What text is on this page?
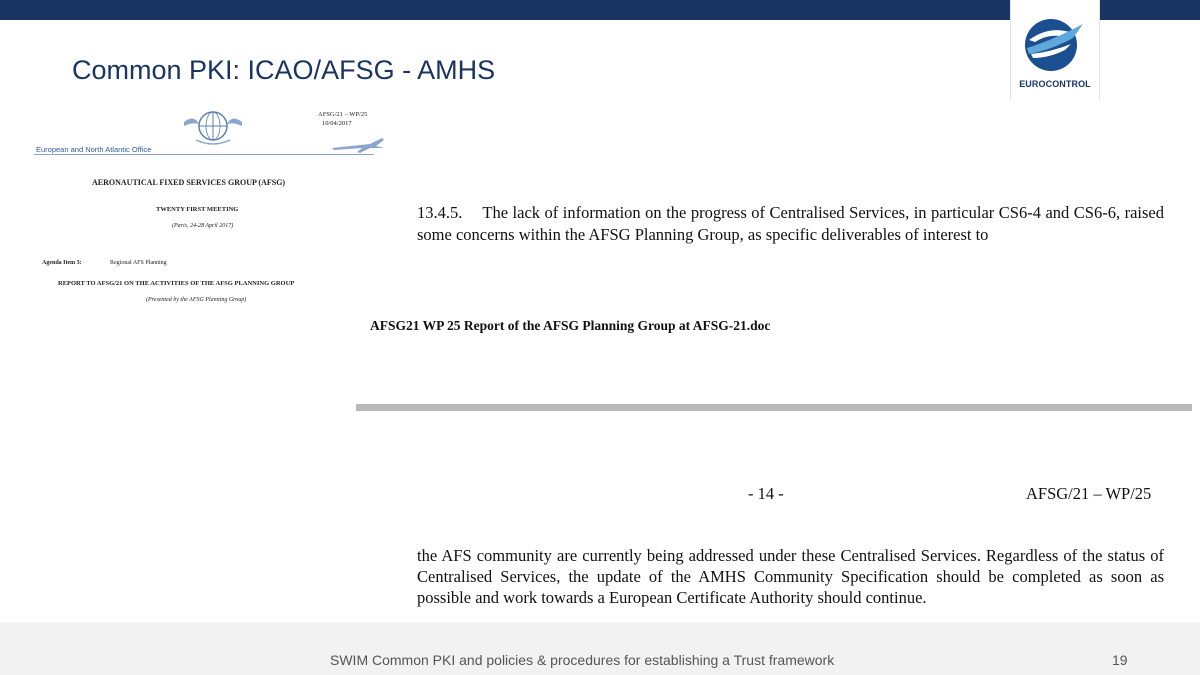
EUROCONTROL
Common PKI: ICAO/AFSG - AMHS
AFSG/21 – WP/25
10/04/2017
European and North Atlantic Office
AERONAUTICAL FIXED SERVICES GROUP (AFSG)
TWENTY FIRST MEETING
(Paris, 24-28 April 2017)
Agenda Item 3:	Regional AFS Planning
REPORT TO AFSG/21 ON THE ACTIVITIES OF THE AFSG PLANNING GROUP
(Presented by the AFSG Planning Group)
13.4.5. The lack of information on the progress of Centralised Services, in particular CS6-4 and CS6-6, raised some concerns within the AFSG Planning Group, as specific deliverables of interest to
AFSG21 WP 25 Report of the AFSG Planning Group at AFSG-21.doc
- 14 -	AFSG/21 – WP/25
the AFS community are currently being addressed under these Centralised Services. Regardless of the status of Centralised Services, the update of the AMHS Community Specification should be completed as soon as possible and work towards a European Certificate Authority should continue.
SWIM Common PKI and policies & procedures for establishing a Trust framework	19
